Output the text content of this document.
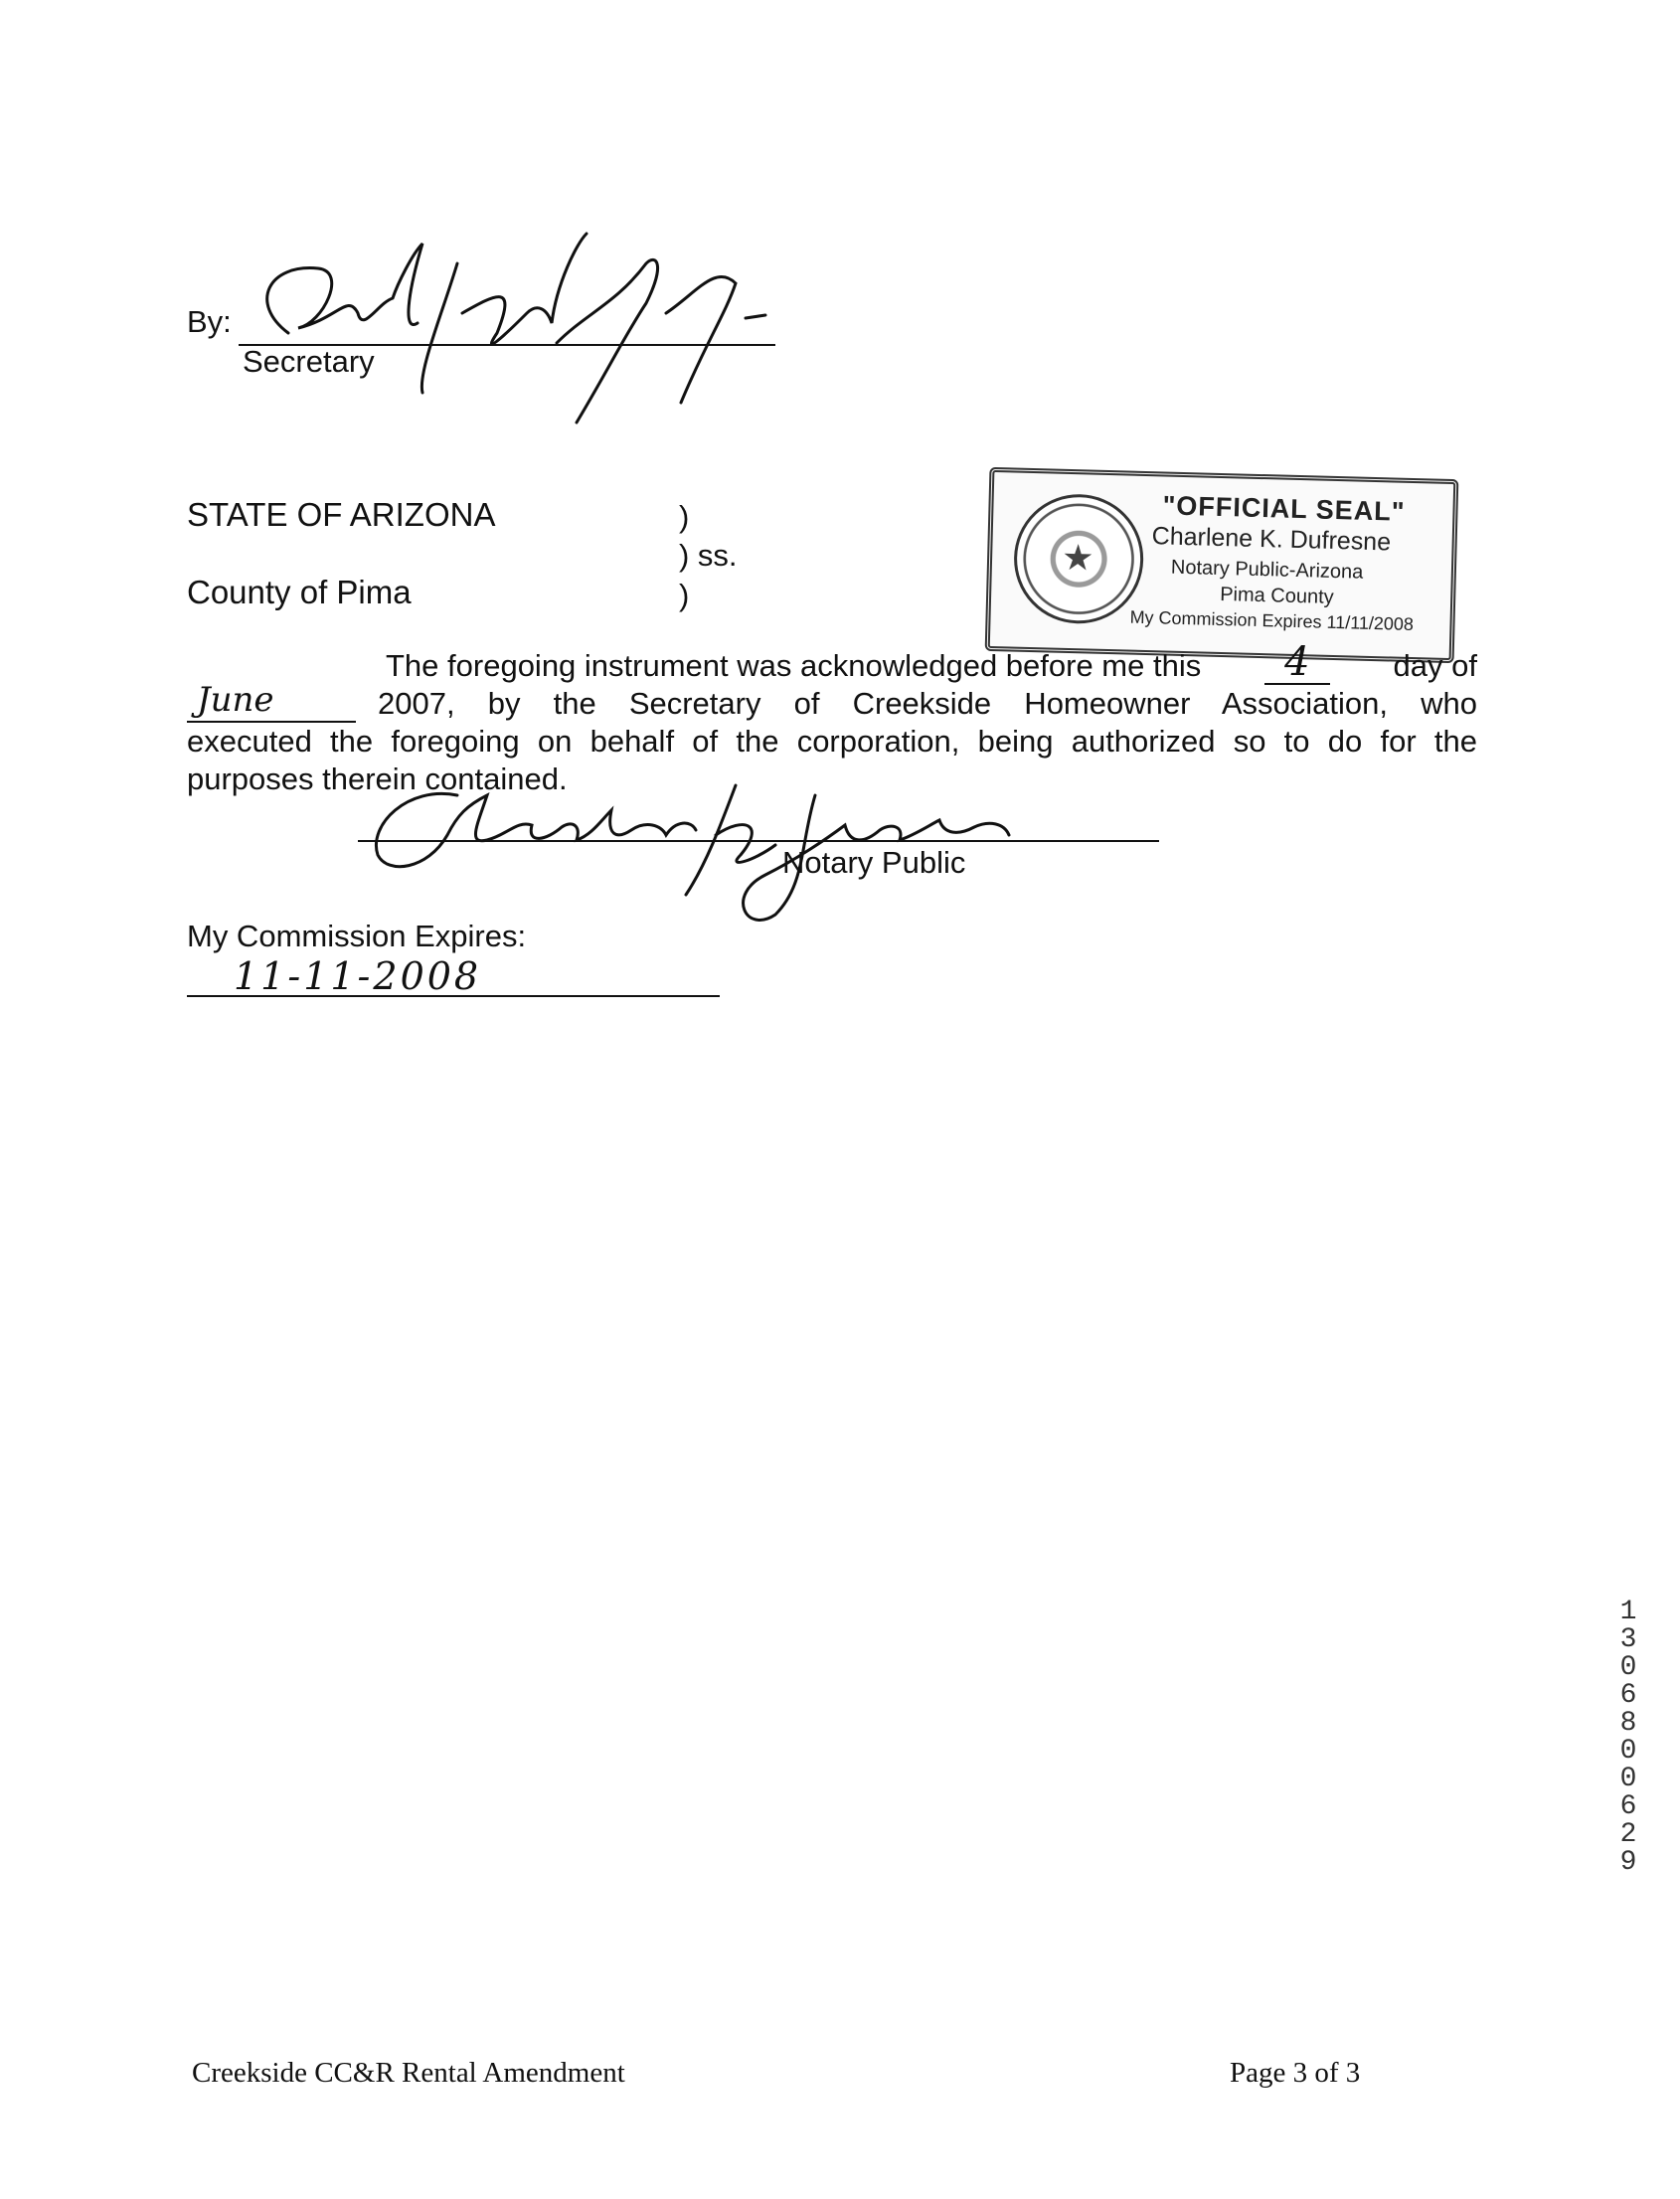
By:
Secretary
STATE OF ARIZONA
County of Pima
)
) ss.
)
★
"OFFICIAL SEAL"
Charlene K. Dufresne
Notary Public-Arizona
Pima County
My Commission Expires 11/11/2008
The foregoing instrument was acknowledged before me this	4	day of
June	2007, by the Secretary of Creekside Homeowner Association, who
executed the foregoing on behalf of the corporation, being authorized so to do for the
purposes therein contained.
Notary Public
My Commission Expires:
11-11-2008
13068 00629
Creekside CC&R Rental Amendment	Page 3 of 3
